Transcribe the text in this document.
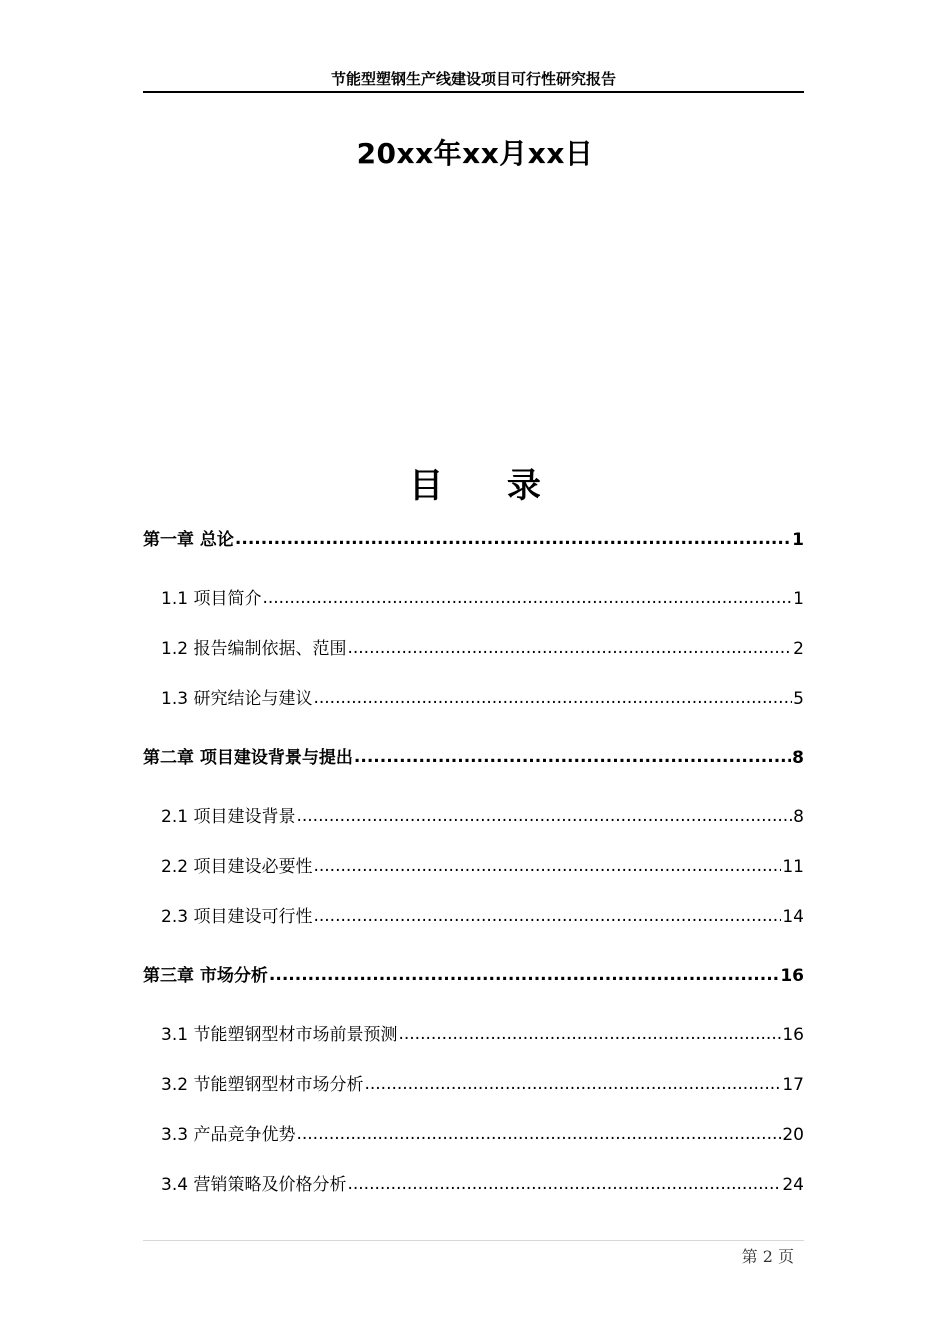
节能型塑钢生产线建设项目可行性研究报告
20xx年xx月xx日
目 录
第一章 总论 .....	1
1.1 项目简介 .....	1
1.2 报告编制依据、范围 .....	2
1.3 研究结论与建议 .....	5
第二章 项目建设背景与提出 .....	8
2.1 项目建设背景 .....	8
2.2 项目建设必要性 .....	11
2.3 项目建设可行性 .....	14
第三章 市场分析 .....	16
3.1 节能塑钢型材市场前景预测 .....	16
3.2 节能塑钢型材市场分析 .....	17
3.3 产品竞争优势 .....	20
3.4 营销策略及价格分析 .....	24
第 2 页
